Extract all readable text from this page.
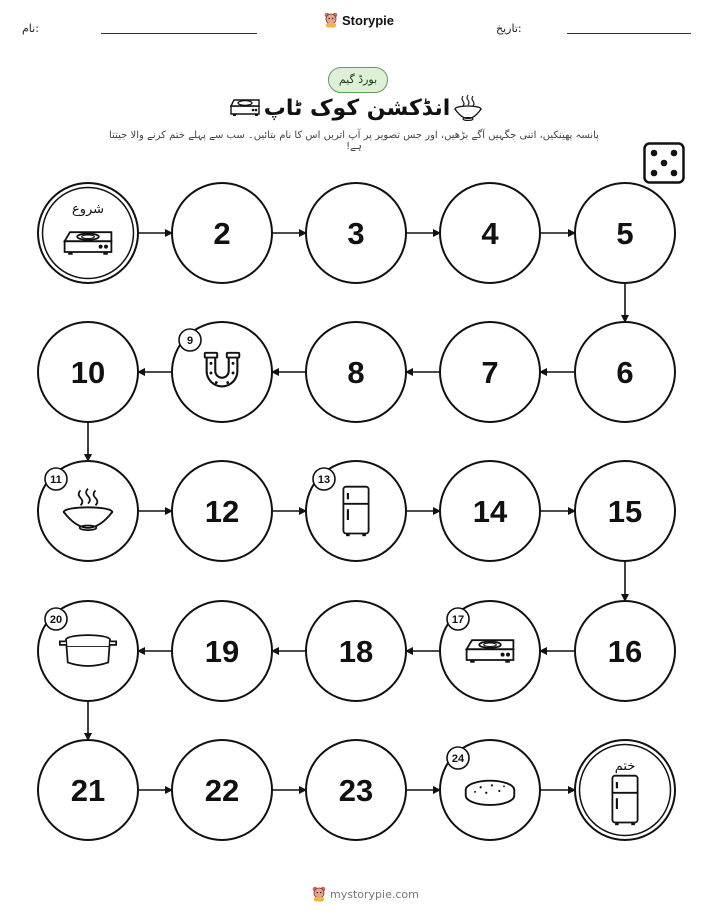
نام:
Storypie
تاریخ:
بورڈ گیم
انڈکشن کوک ٹاپ
پانسہ پھینکیں، اتنی جگہیں آگے بڑھیں، اور جس تصویر پر آپ اتریں اس کا نام بتائیں۔ سب سے پہلے ختم کرنے والا جیتتا ہے!
شروع
2	3	4	5
6
7
8
9
10
11
12
13
14	15
16
17
18
19
20
21	22	23
24	ختم
mystorypie.com
